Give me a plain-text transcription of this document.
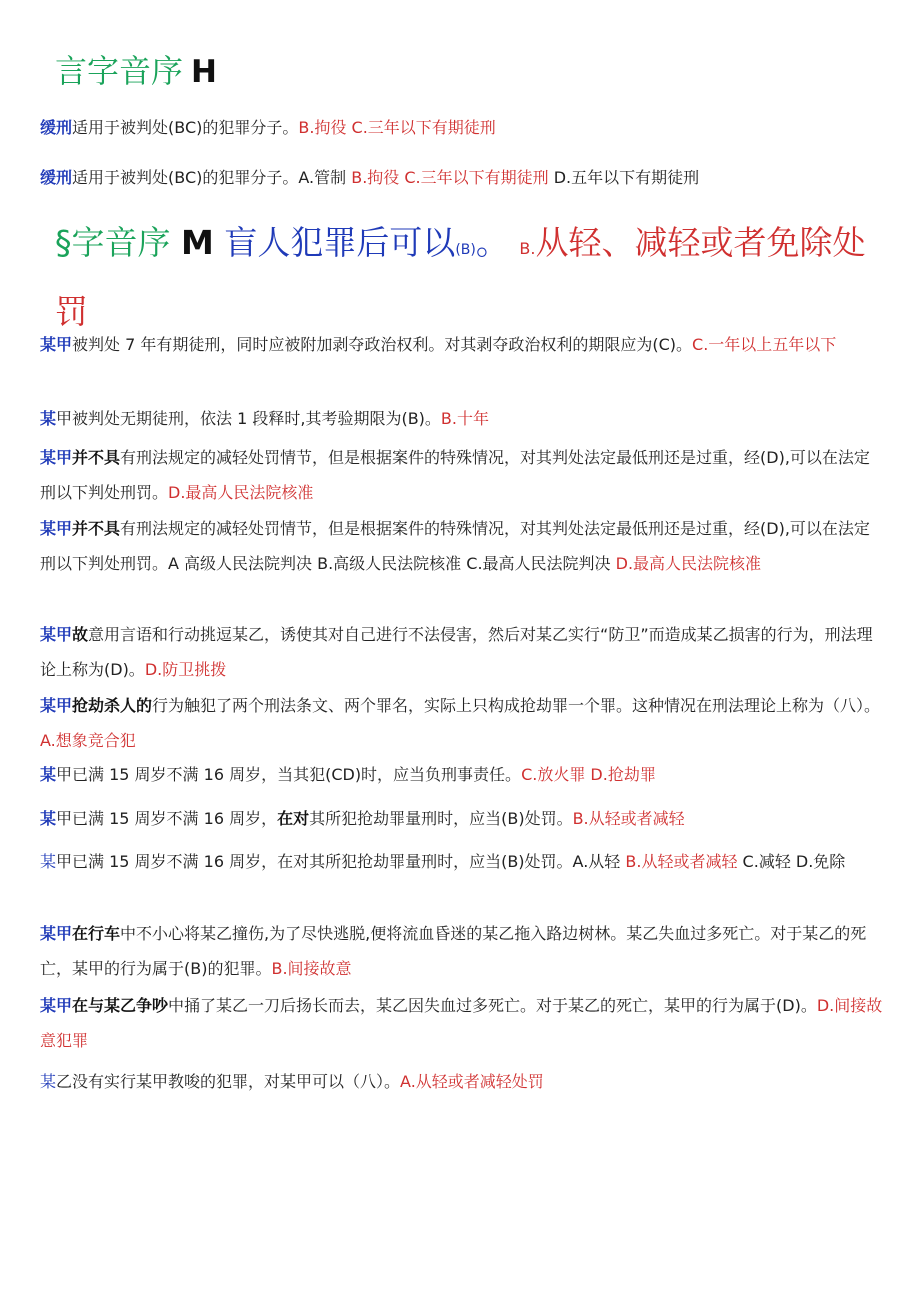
言字音序 H
缓刑适用于被判处(BC)的犯罪分子。B.拘役 C.三年以下有期徒刑
缓刑适用于被判处(BC)的犯罪分子。A.管制 B.拘役 C.三年以下有期徒刑 D.五年以下有期徒刑
§字音序 M 盲人犯罪后可以(B)。 B.从轻、减轻或者免除处罚
某甲被判处 7 年有期徒刑，同时应被附加剥夺政治权利。对其剥夺政治权利的期限应为(C)。C.一年以上五年以下
某甲被判处无期徒刑，依法 1 段释时,其考验期限为(B)。B.十年
某甲并不具有刑法规定的减轻处罚情节，但是根据案件的特殊情况，对其判处法定最低刑还是过重，经(D),可以在法定刑以下判处刑罚。D.最高人民法院核准
某甲并不具有刑法规定的减轻处罚情节，但是根据案件的特殊情况，对其判处法定最低刑还是过重，经(D),可以在法定刑以下判处刑罚。A 高级人民法院判决 B.高级人民法院核准 C.最高人民法院判决 D.最高人民法院核准
某甲故意用言语和行动挑逗某乙，诱使其对自己进行不法侵害，然后对某乙实行“防卫”而造成某乙损害的行为，刑法理论上称为(D)。D.防卫挑拨
某甲抢劫杀人的行为触犯了两个刑法条文、两个罪名，实际上只构成抢劫罪一个罪。这种情况在刑法理论上称为（八）。A.想象竞合犯
某甲已满 15 周岁不满 16 周岁，当其犯(CD)时，应当负刑事责任。C.放火罪 D.抢劫罪
某甲已满 15 周岁不满 16 周岁，在对其所犯抢劫罪量刑时，应当(B)处罚。B.从轻或者减轻
某甲已满 15 周岁不满 16 周岁，在对其所犯抢劫罪量刑时，应当(B)处罚。A.从轻 B.从轻或者减轻 C.减轻 D.免除
某甲在行车中不小心将某乙撞伤,为了尽快逃脱,便将流血昏迷的某乙拖入路边树林。某乙失血过多死亡。对于某乙的死亡，某甲的行为属于(B)的犯罪。B.间接故意
某甲在与某乙争吵中捅了某乙一刀后扬长而去，某乙因失血过多死亡。对于某乙的死亡，某甲的行为属于(D)。D.间接故意犯罪
某乙没有实行某甲教唆的犯罪，对某甲可以（八）。A.从轻或者减轻处罚
